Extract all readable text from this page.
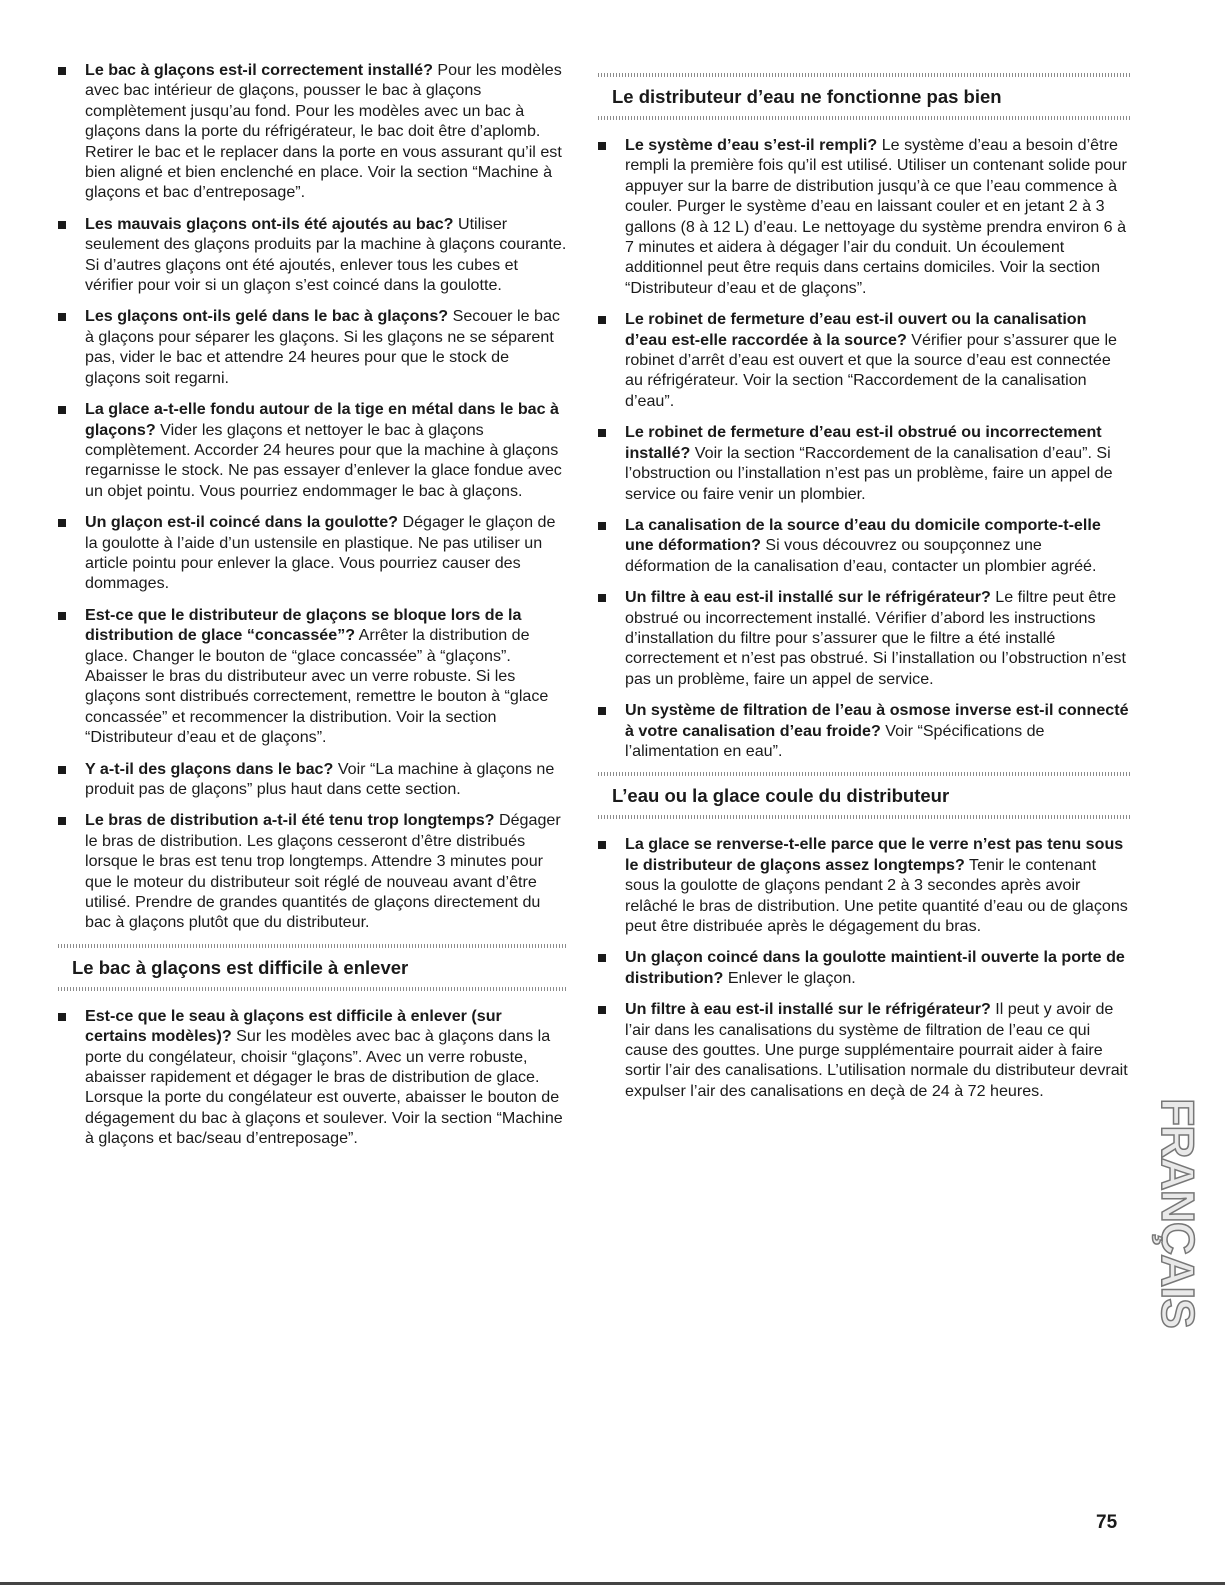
Le bac à glaçons est-il correctement installé? Pour les modèles avec bac intérieur de glaçons, pousser le bac à glaçons complètement jusqu’au fond. Pour les modèles avec un bac à glaçons dans la porte du réfrigérateur, le bac doit être d’aplomb. Retirer le bac et le replacer dans la porte en vous assurant qu’il est bien aligné et bien enclenché en place. Voir la section “Machine à glaçons et bac d’entreposage”.
Les mauvais glaçons ont-ils été ajoutés au bac? Utiliser seulement des glaçons produits par la machine à glaçons courante. Si d’autres glaçons ont été ajoutés, enlever tous les cubes et vérifier pour voir si un glaçon s’est coincé dans la goulotte.
Les glaçons ont-ils gelé dans le bac à glaçons? Secouer le bac à glaçons pour séparer les glaçons. Si les glaçons ne se séparent pas, vider le bac et attendre 24 heures pour que le stock de glaçons soit regarni.
La glace a-t-elle fondu autour de la tige en métal dans le bac à glaçons? Vider les glaçons et nettoyer le bac à glaçons complètement. Accorder 24 heures pour que la machine à glaçons regarnisse le stock. Ne pas essayer d’enlever la glace fondue avec un objet pointu. Vous pourriez endommager le bac à glaçons.
Un glaçon est-il coincé dans la goulotte? Dégager le glaçon de la goulotte à l’aide d’un ustensile en plastique. Ne pas utiliser un article pointu pour enlever la glace. Vous pourriez causer des dommages.
Est-ce que le distributeur de glaçons se bloque lors de la distribution de glace “concassée”? Arrêter la distribution de glace. Changer le bouton de “glace concassée” à “glaçons”. Abaisser le bras du distributeur avec un verre robuste. Si les glaçons sont distribués correctement, remettre le bouton à “glace concassée” et recommencer la distribution. Voir la section “Distributeur d’eau et de glaçons”.
Y a-t-il des glaçons dans le bac? Voir “La machine à glaçons ne produit pas de glaçons” plus haut dans cette section.
Le bras de distribution a-t-il été tenu trop longtemps? Dégager le bras de distribution. Les glaçons cesseront d’être distribués lorsque le bras est tenu trop longtemps. Attendre 3 minutes pour que le moteur du distributeur soit réglé de nouveau avant d’être utilisé. Prendre de grandes quantités de glaçons directement du bac à glaçons plutôt que du distributeur.
Le bac à glaçons est difficile à enlever
Est-ce que le seau à glaçons est difficile à enlever (sur certains modèles)? Sur les modèles avec bac à glaçons dans la porte du congélateur, choisir “glaçons”. Avec un verre robuste, abaisser rapidement et dégager le bras de distribution de glace. Lorsque la porte du congélateur est ouverte, abaisser le bouton de dégagement du bac à glaçons et soulever. Voir la section “Machine à glaçons et bac/seau d’entreposage”.
Le distributeur d’eau ne fonctionne pas bien
Le système d’eau s’est-il rempli? Le système d’eau a besoin d’être rempli la première fois qu’il est utilisé. Utiliser un contenant solide pour appuyer sur la barre de distribution jusqu’à ce que l’eau commence à couler. Purger le système d’eau en laissant couler et en jetant 2 à 3 gallons (8 à 12 L) d’eau. Le nettoyage du système prendra environ 6 à 7 minutes et aidera à dégager l’air du conduit. Un écoulement additionnel peut être requis dans certains domiciles. Voir la section “Distributeur d’eau et de glaçons”.
Le robinet de fermeture d’eau est-il ouvert ou la canalisation d’eau est-elle raccordée à la source? Vérifier pour s’assurer que le robinet d’arrêt d’eau est ouvert et que la source d’eau est connectée au réfrigérateur. Voir la section “Raccordement de la canalisation d’eau”.
Le robinet de fermeture d’eau est-il obstrué ou incorrectement installé? Voir la section “Raccordement de la canalisation d’eau”. Si l’obstruction ou l’installation n’est pas un problème, faire un appel de service ou faire venir un plombier.
La canalisation de la source d’eau du domicile comporte-t-elle une déformation? Si vous découvrez ou soupçonnez une déformation de la canalisation d’eau, contacter un plombier agréé.
Un filtre à eau est-il installé sur le réfrigérateur? Le filtre peut être obstrué ou incorrectement installé. Vérifier d’abord les instructions d’installation du filtre pour s’assurer que le filtre a été installé correctement et n’est pas obstrué. Si l’installation ou l’obstruction n’est pas un problème, faire un appel de service.
Un système de filtration de l’eau à osmose inverse est-il connecté à votre canalisation d’eau froide? Voir “Spécifications de l’alimentation en eau”.
L’eau ou la glace coule du distributeur
La glace se renverse-t-elle parce que le verre n’est pas tenu sous le distributeur de glaçons assez longtemps? Tenir le contenant sous la goulotte de glaçons pendant 2 à 3 secondes après avoir relâché le bras de distribution. Une petite quantité d’eau ou de glaçons peut être distribuée après le dégagement du bras.
Un glaçon coincé dans la goulotte maintient-il ouverte la porte de distribution? Enlever le glaçon.
Un filtre à eau est-il installé sur le réfrigérateur? Il peut y avoir de l’air dans les canalisations du système de filtration de l’eau ce qui cause des gouttes. Une purge supplémentaire pourrait aider à faire sortir l’air des canalisations. L’utilisation normale du distributeur devrait expulser l’air des canalisations en deçà de 24 à 72 heures.
FRANÇAIS
75
